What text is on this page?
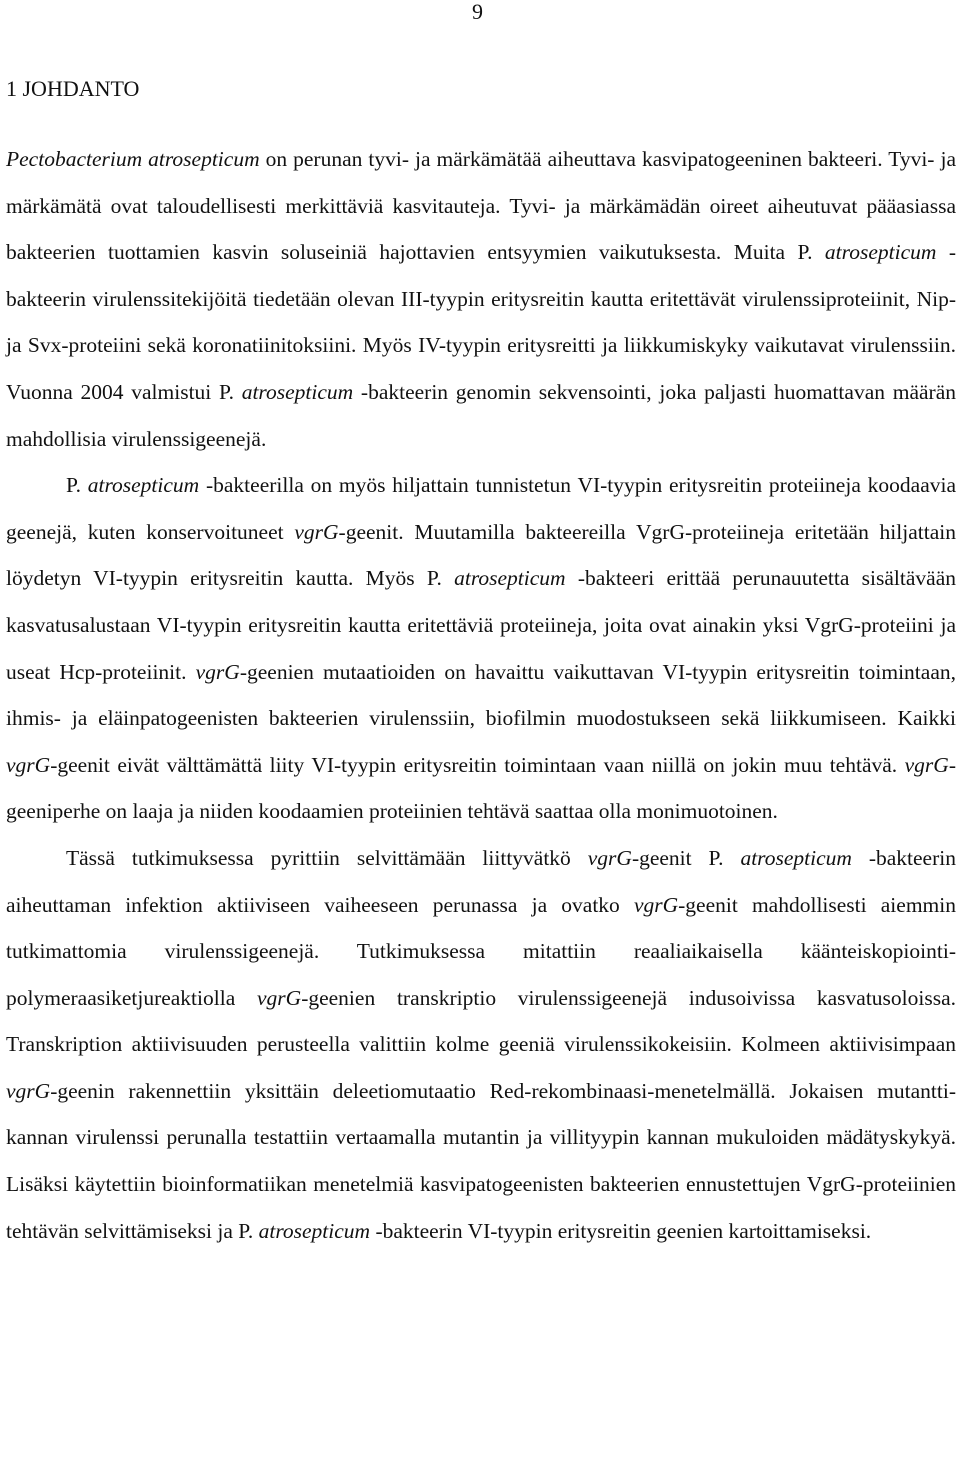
9
1 JOHDANTO

Pectobacterium atrosepticum on perunan tyvi- ja märkämätää aiheuttava kasvipatogeeninen bakteeri. Tyvi- ja märkämätä ovat taloudellisesti merkittäviä kasvitauteja. Tyvi- ja märkämädän oireet aiheutuvat pääasiassa bakteerien tuottamien kasvin soluseiniä hajottavien entsyymien vaikutuksesta. Muita P. atrosepticum -bakteerin virulenssitekijöitä tiedetään olevan III-tyypin eritysreitin kautta eritettävät virulenssiproteiinit, Nip- ja Svx-proteiini sekä koronatiinitoksiini. Myös IV-tyypin eritysreitti ja liikkumiskyky vaikutavat virulenssiin. Vuonna 2004 valmistui P. atrosepticum -bakteerin genomin sekvensointi, joka paljasti huomattavan määrän mahdollisia virulenssigeenejä.

P. atrosepticum -bakteerilla on myös hiljattain tunnistetun VI-tyypin eritysreitin proteiineja koodaavia geenejä, kuten konservoituneet vgrG-geenit. Muutamilla bakteereilla VgrG-proteiineja eritetään hiljattain löydetyn VI-tyypin eritysreitin kautta. Myös P. atrosepticum -bakteeri erittää perunauutetta sisältävään kasvatusalustaan VI-tyypin eritysreitin kautta eritettäviä proteiineja, joita ovat ainakin yksi VgrG-proteiini ja useat Hcp-proteiinit. vgrG-geenien mutaatioiden on havaittu vaikuttavan VI-tyypin eritysreitin toimintaan, ihmis- ja eläinpatogeenisten bakteerien virulenssiin, biofilmin muodostukseen sekä liikkumiseen. Kaikki vgrG-geenit eivät välttämättä liity VI-tyypin eritysreitin toimintaan vaan niillä on jokin muu tehtävä. vgrG-geeniperhe on laaja ja niiden koodaamien proteiinien tehtävä saattaa olla monimuotoinen.

Tässä tutkimuksessa pyrittiin selvittämään liittyvätkö vgrG-geenit P. atrosepticum -bakteerin aiheuttaman infektion aktiiviseen vaiheeseen perunassa ja ovatko vgrG-geenit mahdollisesti aiemmin tutkimattomia virulenssigeenejä. Tutkimuksessa mitattiin reaaliaikaisella käänteiskopiointi-polymeraasiketjureaktiolla vgrG-geenien transkriptio virulenssigeenejä indusoivissa kasvatusoloissa. Transkription aktiivisuuden perusteella valittiin kolme geeniä virulenssikokeisiin. Kolmeen aktiivisimpaan vgrG-geenin rakennettiin yksittäin deleetiomutaatio Red-rekombinaasi-menetelmällä. Jokaisen mutanttikannan virulenssi perunalla testattiin vertaamalla mutantin ja villityypin kannan mukuloiden mädätyskykyä. Lisäksi käytettiin bioinformatiikan menetelmiä kasvipatogeenisten bakteerien ennustettujen VgrG-proteiinien tehtävän selvittämiseksi ja P. atrosepticum -bakteerin VI-tyypin eritysreitin geenien kartoittamiseksi.
